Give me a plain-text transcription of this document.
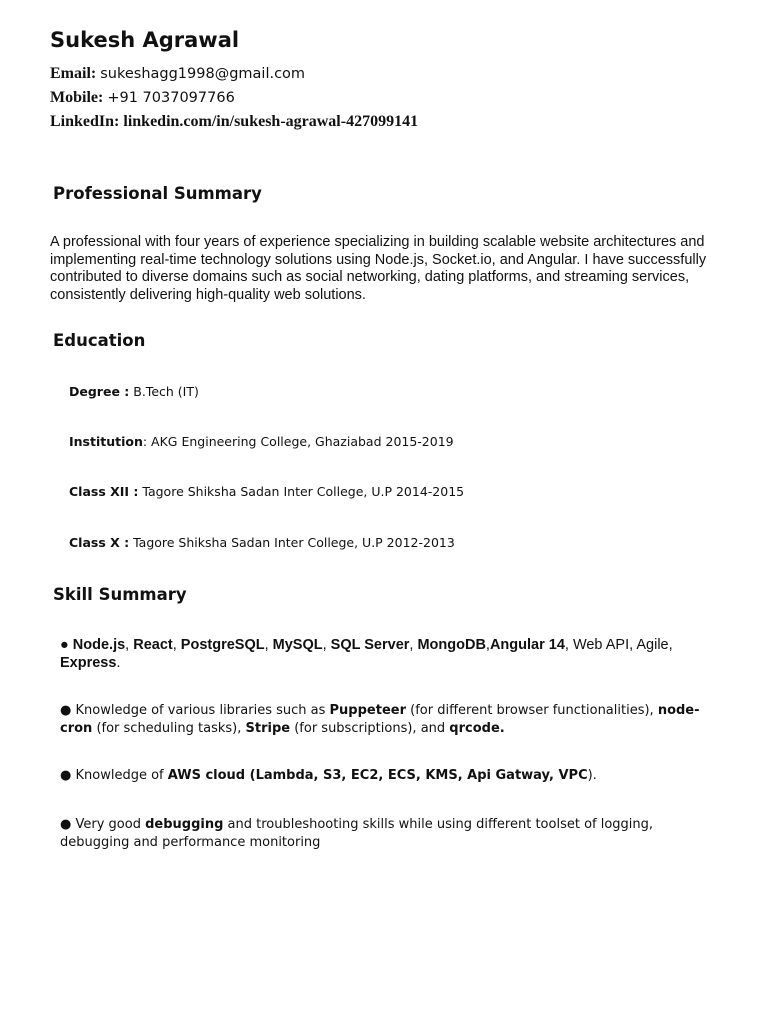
Sukesh Agrawal
Email: sukeshagg1998@gmail.com
Mobile: +91 7037097766
LinkedIn: linkedin.com/in/sukesh-agrawal-427099141
Professional Summary
A professional with four years of experience specializing in building scalable website architectures and implementing real-time technology solutions using Node.js, Socket.io, and Angular. I have successfully contributed to diverse domains such as social networking, dating platforms, and streaming services, consistently delivering high-quality web solutions.
Education
Degree : B.Tech (IT)
Institution: AKG Engineering College, Ghaziabad 2015-2019
Class XII : Tagore Shiksha Sadan Inter College, U.P 2014-2015
Class X : Tagore Shiksha Sadan Inter College, U.P 2012-2013
Skill Summary
● Node.js, React, PostgreSQL, MySQL, SQL Server, MongoDB,Angular 14, Web API, Agile, Express.
● Knowledge of various libraries such as Puppeteer (for different browser functionalities), node-cron (for scheduling tasks), Stripe (for subscriptions), and qrcode.
● Knowledge of AWS cloud (Lambda, S3, EC2, ECS, KMS, Api Gatway, VPC).
● Very good debugging and troubleshooting skills while using different toolset of logging, debugging and performance monitoring
